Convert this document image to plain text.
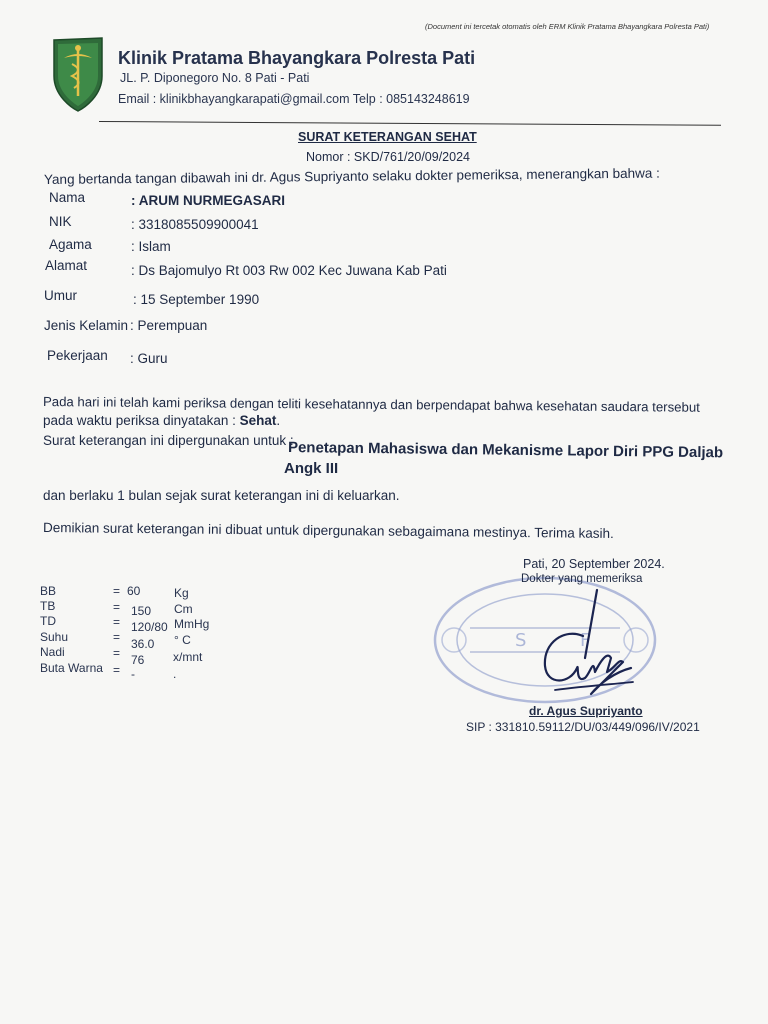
(Document ini tercetak otomatis oleh ERM Klinik Pratama Bhayangkara Polresta Pati)
Klinik Pratama Bhayangkara Polresta Pati
JL. P. Diponegoro No. 8 Pati - Pati
Email : klinikbhayangkarapati@gmail.com Telp : 085143248619
SURAT KETERANGAN SEHAT
Nomor : SKD/761/20/09/2024
Yang bertanda tangan dibawah ini dr. Agus Supriyanto selaku dokter pemeriksa, menerangkan bahwa :
Nama	: ARUM NURMEGASARI
NIK	: 3318085509900041
Agama	: Islam
Alamat	: Ds Bajomulyo Rt 003 Rw 002 Kec Juwana Kab Pati
Umur	: 15 September 1990
Jenis Kelamin : Perempuan
Pekerjaan : Guru
Pada hari ini telah kami periksa dengan teliti kesehatannya dan berpendapat bahwa kesehatan saudara tersebut
pada waktu periksa dinyatakan : Sehat.
Surat keterangan ini dipergunakan untuk :
Penetapan Mahasiswa dan Mekanisme Lapor Diri PPG Daljab
Angk III
dan berlaku 1 bulan sejak surat keterangan ini di keluarkan.
Demikian surat keterangan ini dibuat untuk dipergunakan sebagaimana mestinya. Terima kasih.
BB	= 60	Kg
TB	= 150 Cm
TD	= 120/80 MmHg
Suhu	= 36.0 ° C
Nadi	= 76 x/mnt
Buta Warna = -	.
S	F
Pati, 20 September 2024.
Dokter yang memeriksa
dr. Agus Supriyanto
SIP : 331810.59112/DU/03/449/096/IV/2021
